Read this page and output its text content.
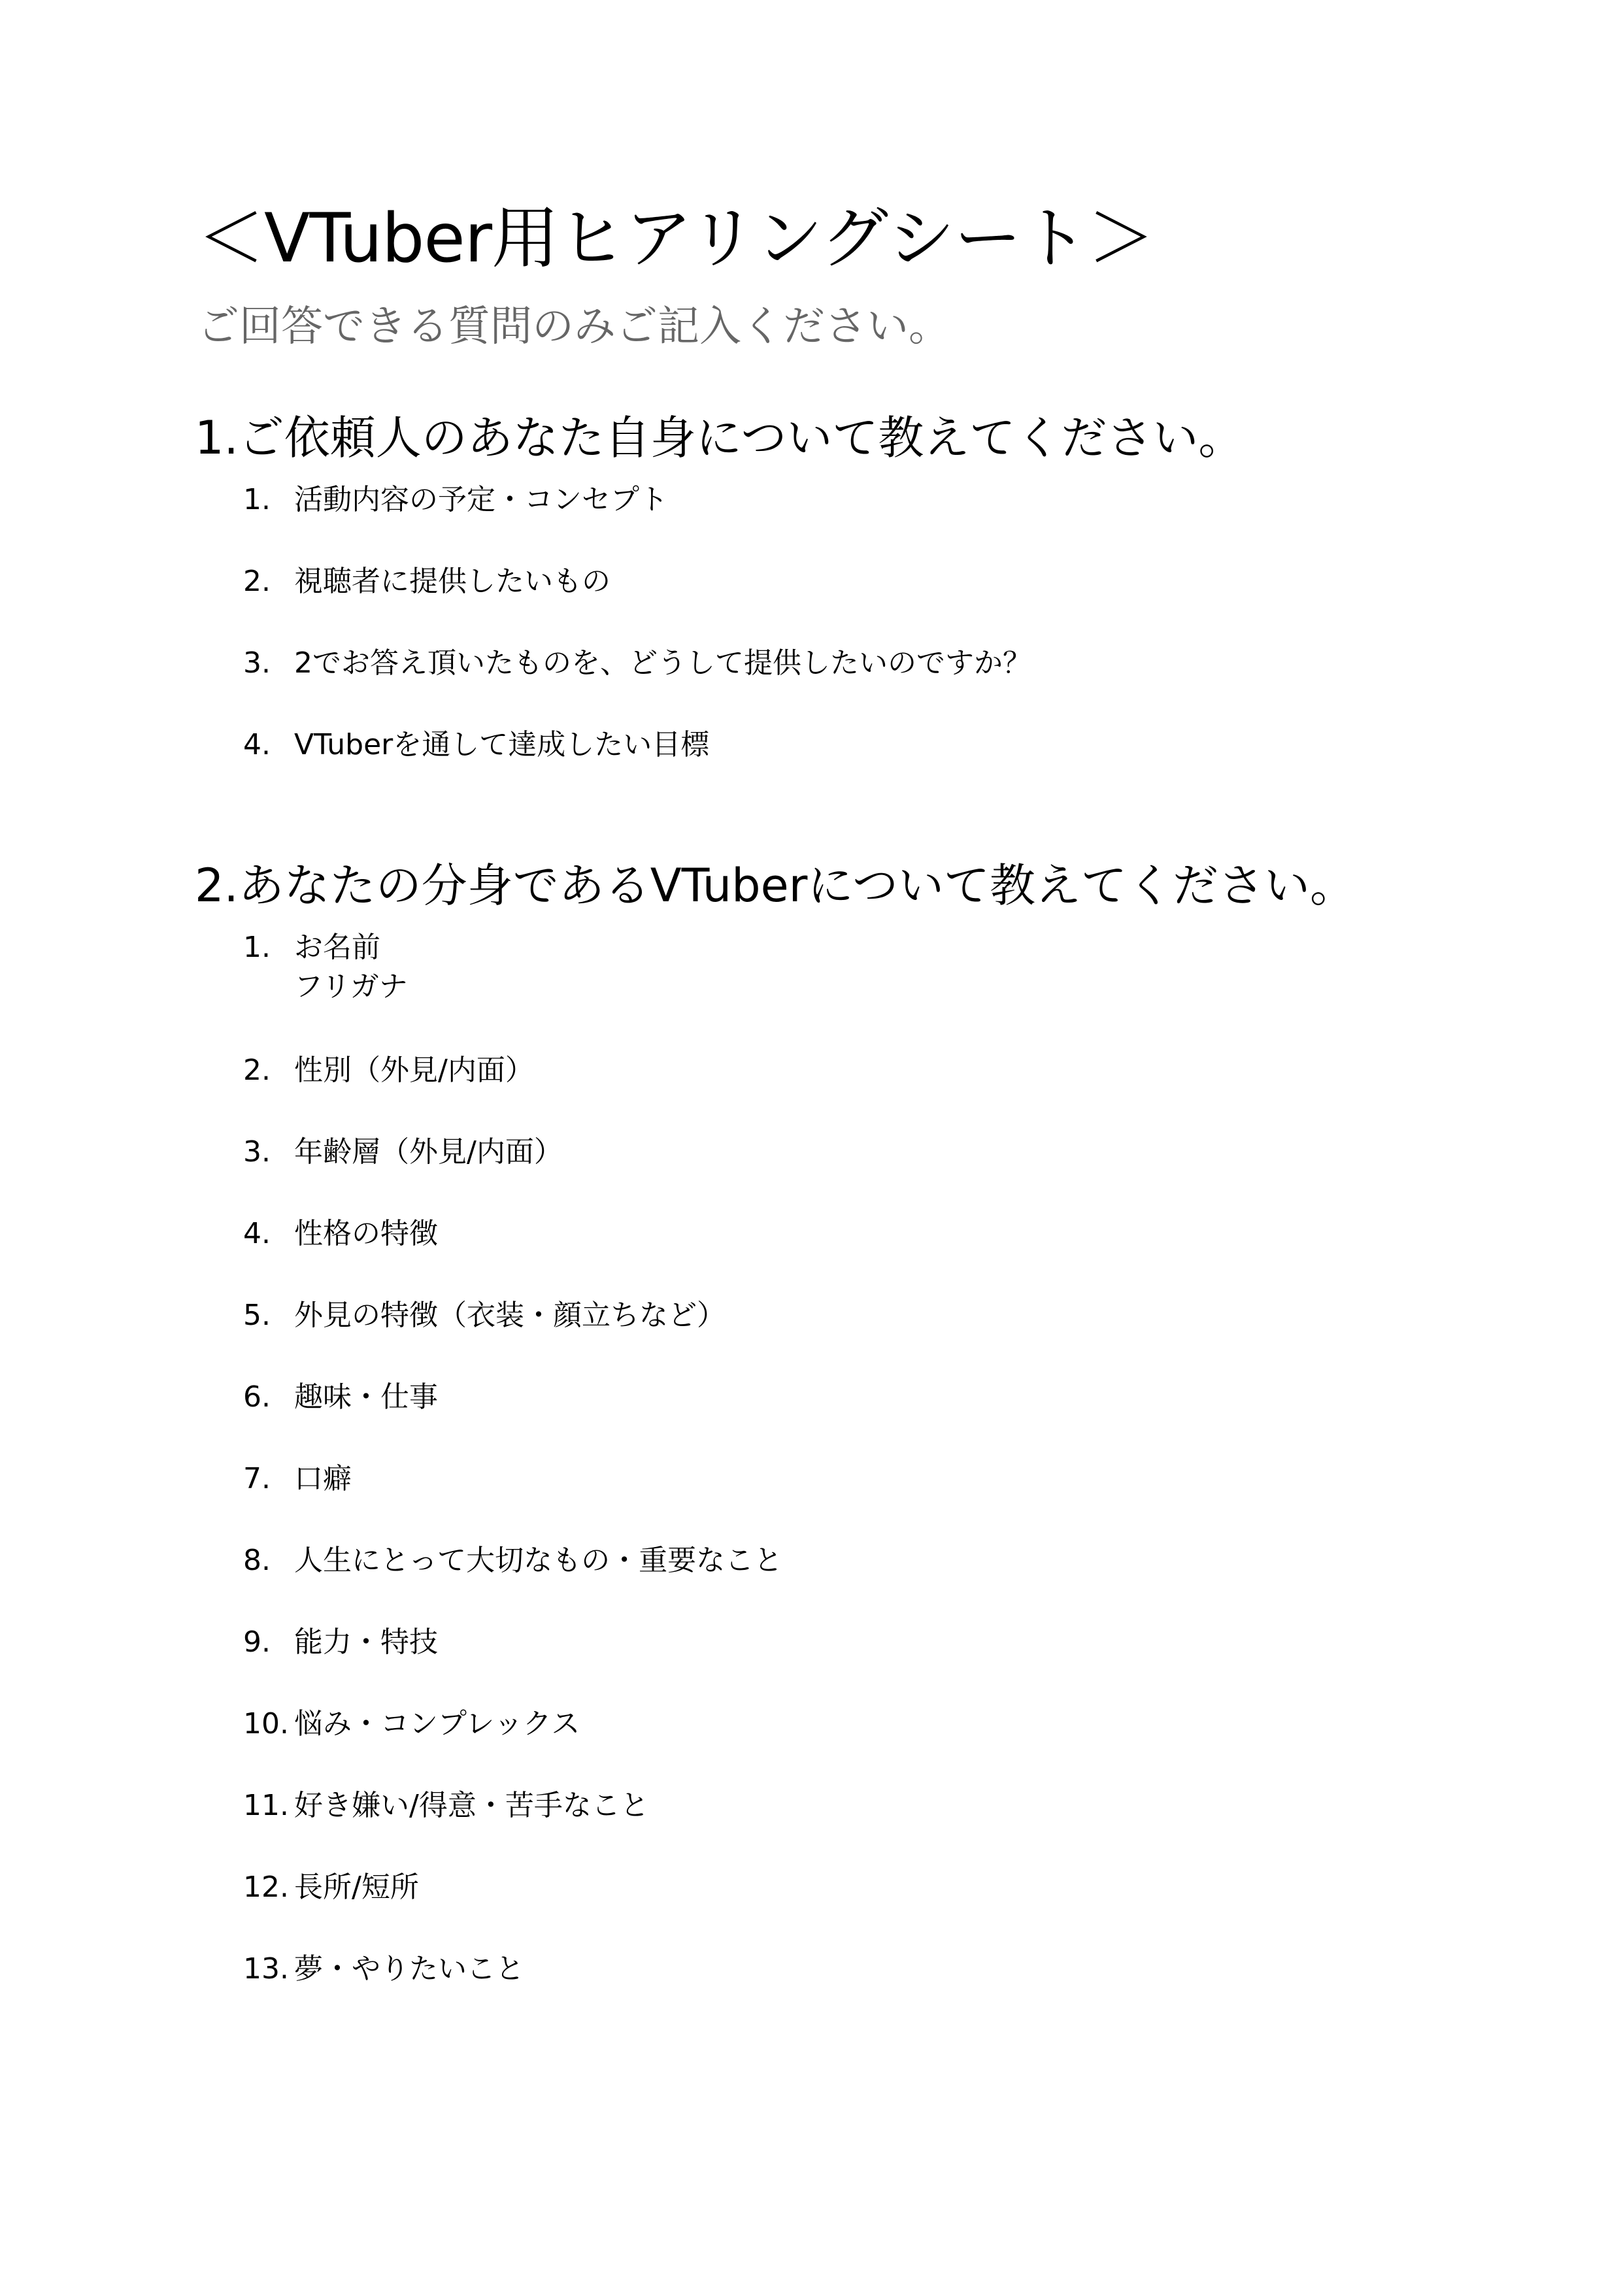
＜VTuber用ヒアリングシート＞

ご回答できる質問のみご記入ください。

1.ご依頼人のあなた自身について教えてください。
1. 活動内容の予定・コンセプト
2. 視聴者に提供したいもの
3. 2でお答え頂いたものを、どうして提供したいのですか？
4. VTuberを通して達成したい目標
2.あなたの分身であるVTuberについて教えてください。
1. お名前
フリガナ
2. 性別（外見/内面）
3. 年齢層（外見/内面）
4. 性格の特徴
5. 外見の特徴（衣装・顔立ちなど）
6. 趣味・仕事
7. 口癖
8. 人生にとって大切なもの・重要なこと
9. 能力・特技
10. 悩み・コンプレックス
11. 好き嫌い/得意・苦手なこと
12. 長所/短所
13. 夢・やりたいこと
